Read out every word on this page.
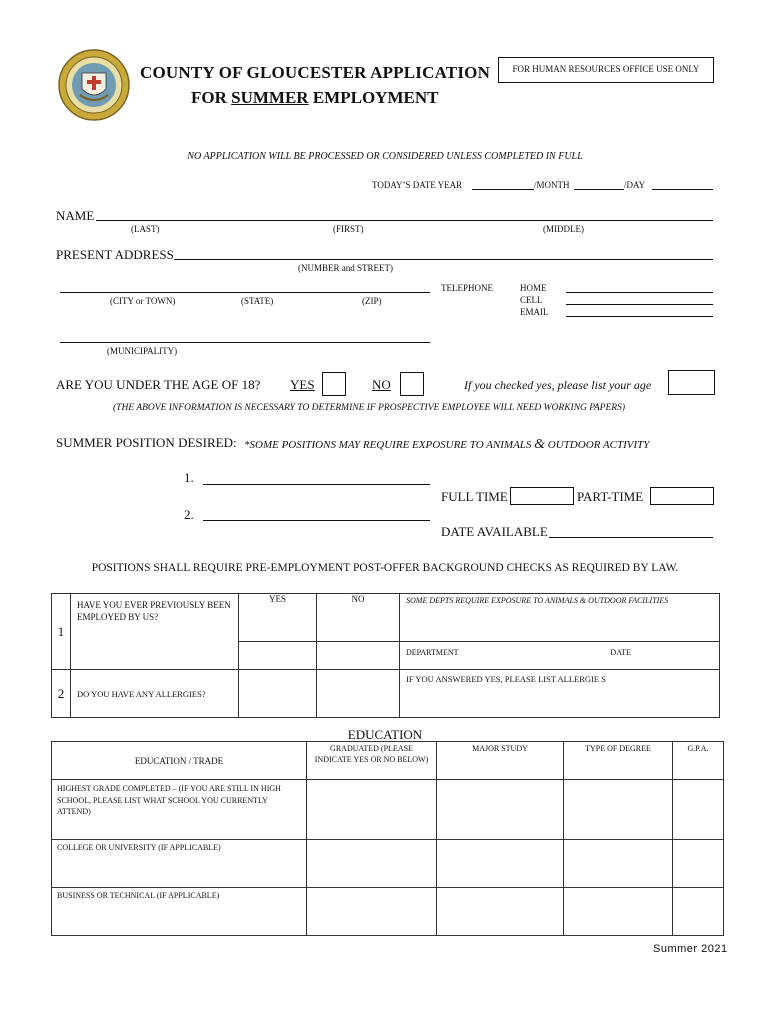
COUNTY OF GLOUCESTER APPLICATION
FOR SUMMER EMPLOYMENT
FOR HUMAN RESOURCES OFFICE USE ONLY
NO APPLICATION WILL BE PROCESSED OR CONSIDERED UNLESS COMPLETED IN FULL
TODAY’S DATE YEAR	/MONTH	/DAY
NAME
(LAST)	(FIRST)	(MIDDLE)
PRESENT ADDRESS
(NUMBER and STREET)
(CITY or TOWN)	(STATE)	(ZIP)
TELEPHONE	HOME
CELL
EMAIL
(MUNICIPALITY)
ARE YOU UNDER THE AGE OF 18? YES	NO	If you checked yes, please list your age
(THE ABOVE INFORMATION IS NECESSARY TO DETERMINE IF PROSPECTIVE EMPLOYEE WILL NEED WORKING PAPERS)
SUMMER POSITION DESIRED: *SOME POSITIONS MAY REQUIRE EXPOSURE TO ANIMALS & OUTDOOR ACTIVITY
1.
2.
FULL TIME	PART-TIME
DATE AVAILABLE
POSITIONS SHALL REQUIRE PRE-EMPLOYMENT POST-OFFER BACKGROUND CHECKS AS REQUIRED BY LAW.
1	HAVE YOU EVER PREVIOUSLY BEEN EMPLOYED BY US?	YES	NO	SOME DEPTS REQUIRE EXPOSURE TO ANIMALS & OUTDOOR FACILITIES
				DEPARTMENT DATE
2	DO YOU HAVE ANY ALLERGIES?			IF YOU ANSWERED YES, PLEASE LIST ALLERGIE S
EDUCATION
EDUCATION / TRADE	GRADUATED (PLEASE INDICATE YES OR NO BELOW)	MAJOR STUDY	TYPE OF DEGREE	G.P.A.
HIGHEST GRADE COMPLETED – (IF YOU ARE STILL IN HIGH SCHOOL, PLEASE LIST WHAT SCHOOL YOU CURRENTLY ATTEND)				
COLLEGE OR UNIVERSITY (IF APPLICABLE)				
BUSINESS OR TECHNICAL (IF APPLICABLE)				
Summer 2021
